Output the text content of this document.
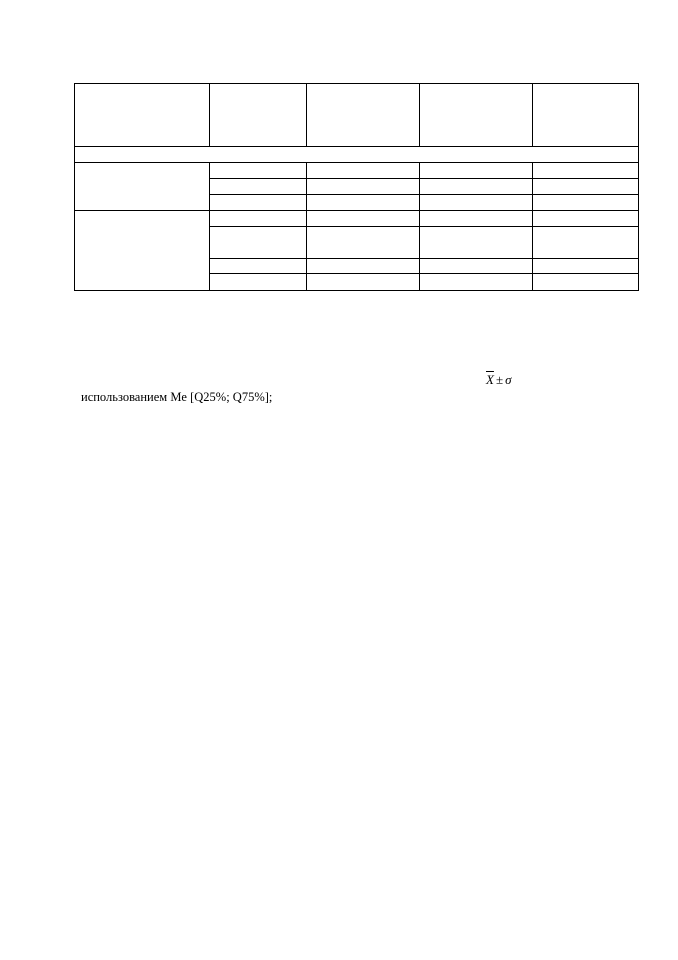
$\overline{X} \pm \sigma$
использованием Me [Q25%; Q75%];
